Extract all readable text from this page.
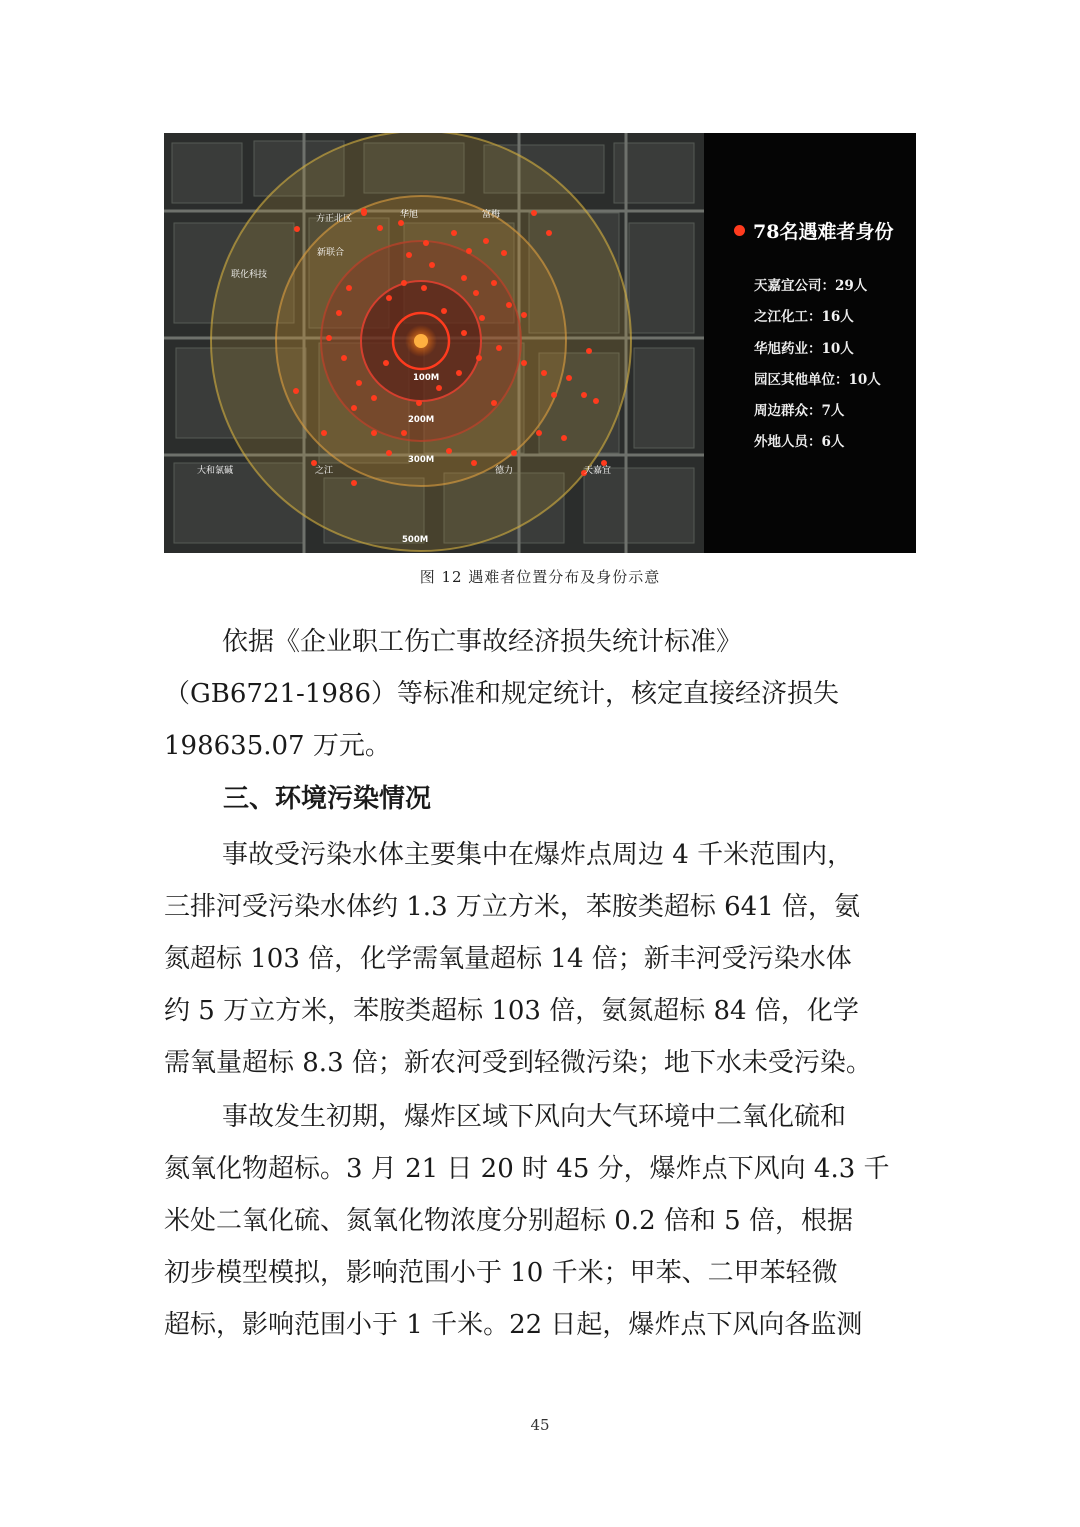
方正北区	华旭	富梅
新联合
联化科技
大和氯碱	之江	德力	天嘉宜
100M
200M
300M
500M
78名遇难者身份
天嘉宜公司：29人
之江化工：16人
华旭药业：10人
园区其他单位：10人
周边群众：7人
外地人员：6人
图 12 遇难者位置分布及身份示意
依据《企业职工伤亡事故经济损失统计标准》
（GB6721-1986）等标准和规定统计，核定直接经济损失
198635.07 万元。
三、环境污染情况
事故受污染水体主要集中在爆炸点周边 4 千米范围内，
三排河受污染水体约 1.3 万立方米，苯胺类超标 641 倍，氨
氮超标 103 倍，化学需氧量超标 14 倍；新丰河受污染水体
约 5 万立方米，苯胺类超标 103 倍，氨氮超标 84 倍，化学
需氧量超标 8.3 倍；新农河受到轻微污染；地下水未受污染。
事故发生初期，爆炸区域下风向大气环境中二氧化硫和
氮氧化物超标。3 月 21 日 20 时 45 分，爆炸点下风向 4.3 千
米处二氧化硫、氮氧化物浓度分别超标 0.2 倍和 5 倍，根据
初步模型模拟，影响范围小于 10 千米；甲苯、二甲苯轻微
超标，影响范围小于 1 千米。22 日起，爆炸点下风向各监测
45
